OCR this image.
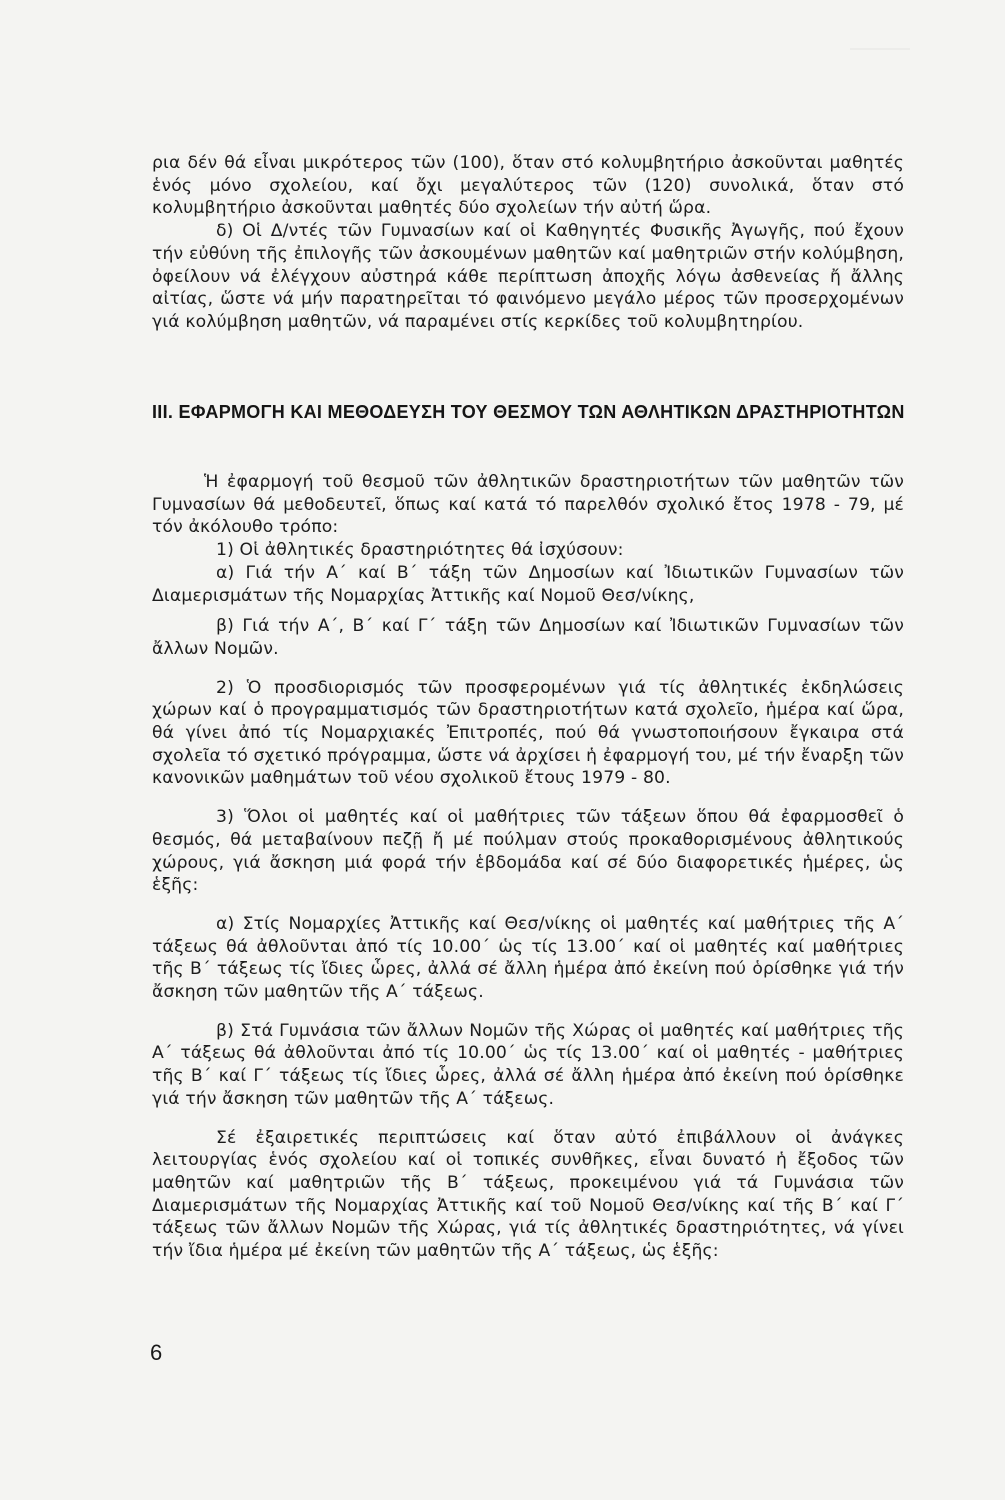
ρια δέν θά εἶναι μικρότερος τῶν (100), ὅταν στό κολυμβητήριο ἀσκοῦνται μαθητές ἑνός μόνο σχολείου, καί ὄχι μεγαλύτερος τῶν (120) συνολικά, ὅταν στό κολυμβητήριο ἀσκοῦνται μαθητές δύο σχολείων τήν αὐτή ὥρα.

δ) Οἱ Δ/ντές τῶν Γυμνασίων καί οἱ Καθηγητές Φυσικῆς Ἀγωγῆς, πού ἔχουν τήν εὐθύνη τῆς ἐπιλογῆς τῶν ἀσκουμένων μαθητῶν καί μαθητριῶν στήν κολύμβηση, ὀφείλουν νά ἐλέγχουν αὐστηρά κάθε περίπτωση ἀποχῆς λόγω ἀσθενείας ἤ ἄλλης αἰτίας, ὥστε νά μήν παρατηρεῖται τό φαινόμενο μεγάλο μέρος τῶν προσερχομένων γιά κολύμβηση μαθητῶν, νά παραμένει στίς κερκίδες τοῦ κολυμβητηρίου.

ΙΙΙ. ΕΦΑΡΜΟΓΗ ΚΑΙ ΜΕΘΟΔΕΥΣΗ ΤΟΥ ΘΕΣΜΟΥ ΤΩΝ ΑΘΛΗΤΙΚΩΝ ΔΡΑΣΤΗΡΙΟΤΗΤΩΝ

Ἡ ἐφαρμογή τοῦ θεσμοῦ τῶν ἀθλητικῶν δραστηριοτήτων τῶν μαθητῶν τῶν Γυμνασίων θά μεθοδευτεῖ, ὅπως καί κατά τό παρελθόν σχολικό ἔτος 1978 - 79, μέ τόν ἀκόλουθο τρόπο:

1) Οἱ ἀθλητικές δραστηριότητες θά ἰσχύσουν:

α) Γιά τήν Α΄ καί Β΄ τάξη τῶν Δημοσίων καί Ἰδιωτικῶν Γυμνασίων τῶν Διαμερισμάτων τῆς Νομαρχίας Ἀττικῆς καί Νομοῦ Θεσ/νίκης,

β) Γιά τήν Α΄, Β΄ καί Γ΄ τάξη τῶν Δημοσίων καί Ἰδιωτικῶν Γυμνασίων τῶν ἄλλων Νομῶν.

2) Ὁ προσδιορισμός τῶν προσφερομένων γιά τίς ἀθλητικές ἐκδηλώσεις χώρων καί ὁ προγραμματισμός τῶν δραστηριοτήτων κατά σχολεῖο, ἡμέρα καί ὥρα, θά γίνει ἀπό τίς Νομαρχιακές Ἐπιτροπές, πού θά γνωστοποιήσουν ἔγκαιρα στά σχολεῖα τό σχετικό πρόγραμμα, ὥστε νά ἀρχίσει ἡ ἐφαρμογή του, μέ τήν ἔναρξη τῶν κανονικῶν μαθημάτων τοῦ νέου σχολικοῦ ἔτους 1979 - 80.

3) Ὅλοι οἱ μαθητές καί οἱ μαθήτριες τῶν τάξεων ὅπου θά ἐφαρμοσθεῖ ὁ θεσμός, θά μεταβαίνουν πεζῇ ἤ μέ πούλμαν στούς προκαθορισμένους ἀθλητικούς χώρους, γιά ἄσκηση μιά φορά τήν ἑβδομάδα καί σέ δύο διαφορετικές ἡμέρες, ὡς ἑξῆς:

α) Στίς Νομαρχίες Ἀττικῆς καί Θεσ/νίκης οἱ μαθητές καί μαθήτριες τῆς Α΄ τάξεως θά ἀθλοῦνται ἀπό τίς 10.00΄ ὡς τίς 13.00΄ καί οἱ μαθητές καί μαθήτριες τῆς Β΄ τάξεως τίς ἴδιες ὧρες, ἀλλά σέ ἄλλη ἡμέρα ἀπό ἐκείνη πού ὁρίσθηκε γιά τήν ἄσκηση τῶν μαθητῶν τῆς Α΄ τάξεως.

β) Στά Γυμνάσια τῶν ἄλλων Νομῶν τῆς Χώρας οἱ μαθητές καί μαθήτριες τῆς Α΄ τάξεως θά ἀθλοῦνται ἀπό τίς 10.00΄ ὡς τίς 13.00΄ καί οἱ μαθητές - μαθήτριες τῆς Β΄ καί Γ΄ τάξεως τίς ἴδιες ὧρες, ἀλλά σέ ἄλλη ἡμέρα ἀπό ἐκείνη πού ὁρίσθηκε γιά τήν ἄσκηση τῶν μαθητῶν τῆς Α΄ τάξεως.

Σέ ἐξαιρετικές περιπτώσεις καί ὅταν αὐτό ἐπιβάλλουν οἱ ἀνάγκες λειτουργίας ἑνός σχολείου καί οἱ τοπικές συνθῆκες, εἶναι δυνατό ἡ ἔξοδος τῶν μαθητῶν καί μαθητριῶν τῆς Β΄ τάξεως, προκειμένου γιά τά Γυμνάσια τῶν Διαμερισμάτων τῆς Νομαρχίας Ἀττικῆς καί τοῦ Νομοῦ Θεσ/νίκης καί τῆς Β΄ καί Γ΄ τάξεως τῶν ἄλλων Νομῶν τῆς Χώρας, γιά τίς ἀθλητικές δραστηριότητες, νά γίνει τήν ἴδια ἡμέρα μέ ἐκείνη τῶν μαθητῶν τῆς Α΄ τάξεως, ὡς ἑξῆς:

6
